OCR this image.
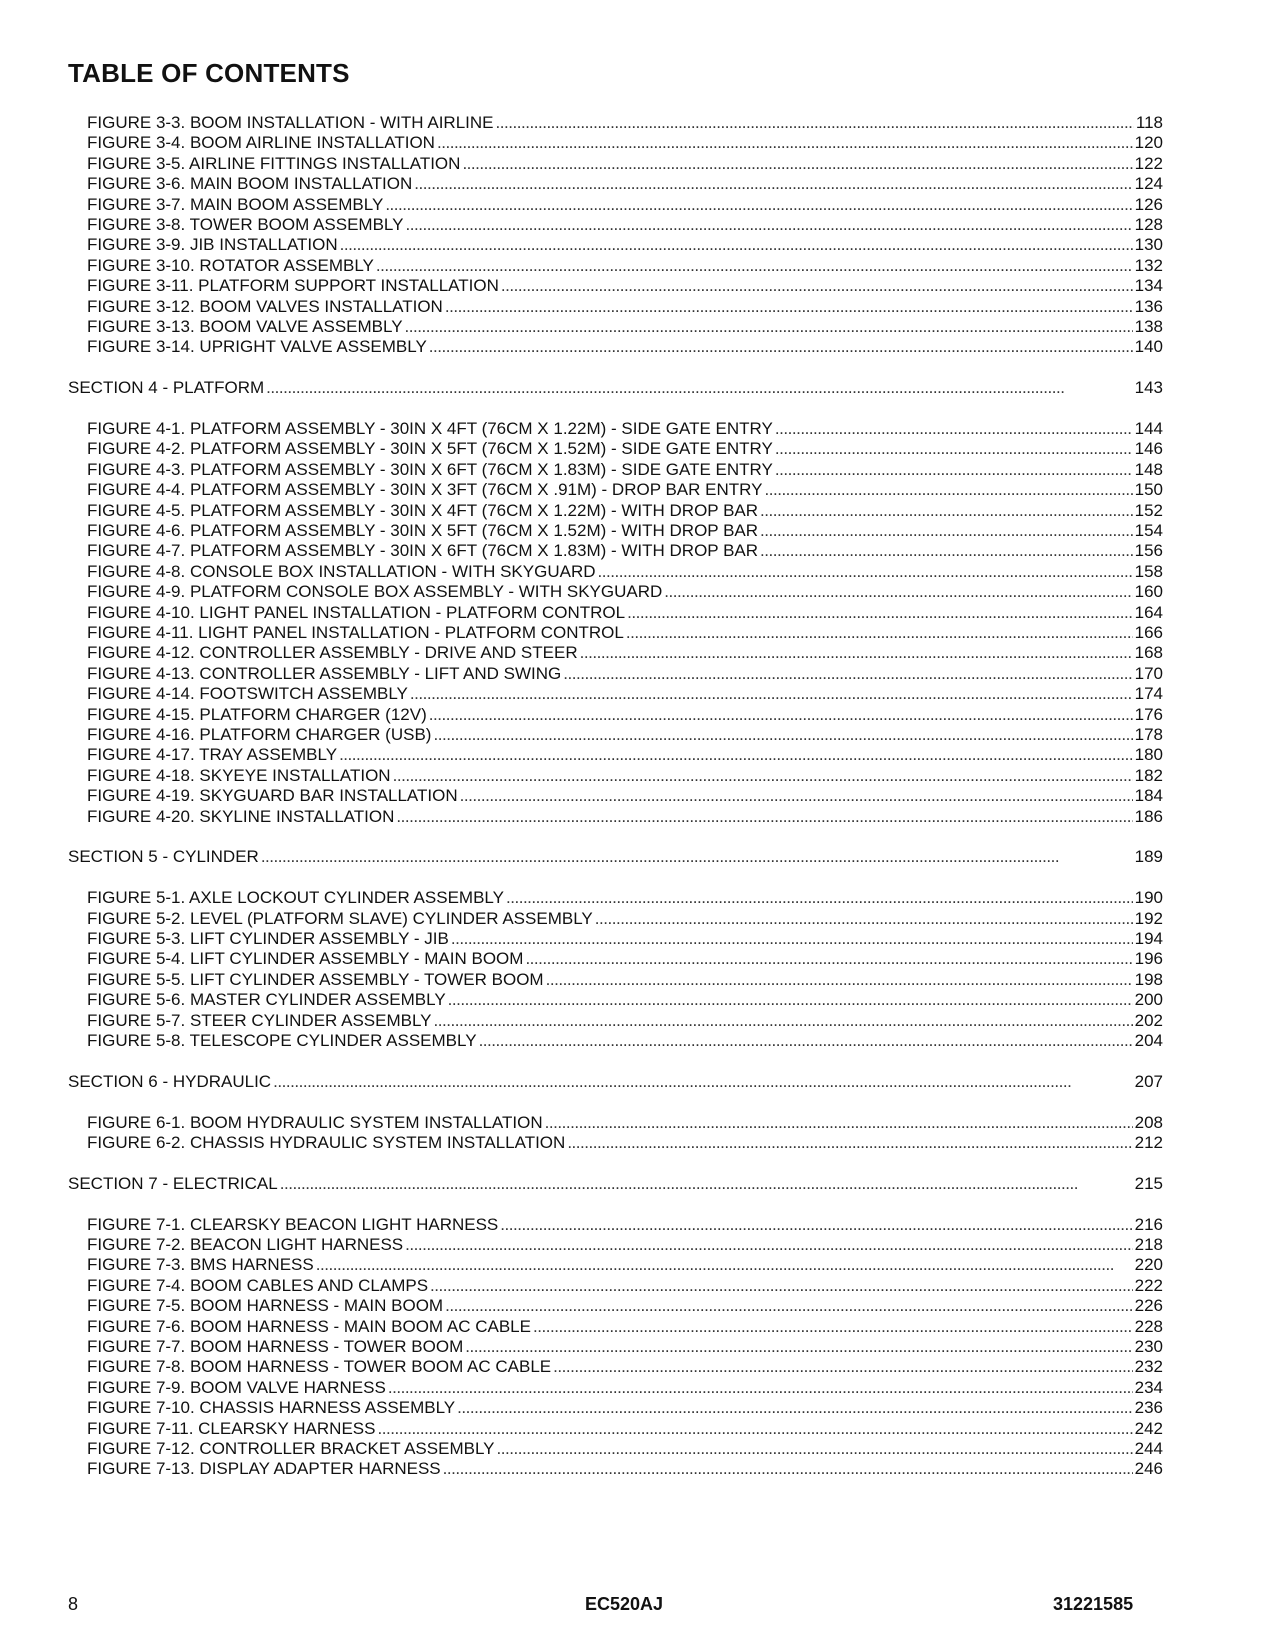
TABLE OF CONTENTS
FIGURE 3-3. BOOM INSTALLATION - WITH AIRLINE . . .	118
FIGURE 3-4. BOOM AIRLINE INSTALLATION . . .	120
FIGURE 3-5. AIRLINE FITTINGS INSTALLATION . . .	122
FIGURE 3-6. MAIN BOOM INSTALLATION . . .	124
FIGURE 3-7. MAIN BOOM ASSEMBLY . . .	126
FIGURE 3-8. TOWER BOOM ASSEMBLY . . .	128
FIGURE 3-9. JIB INSTALLATION . . .	130
FIGURE 3-10. ROTATOR ASSEMBLY . . .	132
FIGURE 3-11. PLATFORM SUPPORT INSTALLATION . . .	134
FIGURE 3-12. BOOM VALVES INSTALLATION . . .	136
FIGURE 3-13. BOOM VALVE ASSEMBLY . . .	138
FIGURE 3-14. UPRIGHT VALVE ASSEMBLY . . .	140
SECTION 4 - PLATFORM . . .	143
FIGURE 4-1. PLATFORM ASSEMBLY - 30IN X 4FT (76CM X 1.22M) - SIDE GATE ENTRY . . .	144
FIGURE 4-2. PLATFORM ASSEMBLY - 30IN X 5FT (76CM X 1.52M) - SIDE GATE ENTRY . . .	146
FIGURE 4-3. PLATFORM ASSEMBLY - 30IN X 6FT (76CM X 1.83M) - SIDE GATE ENTRY . . .	148
FIGURE 4-4. PLATFORM ASSEMBLY - 30IN X 3FT (76CM X .91M) - DROP BAR ENTRY . . .	150
FIGURE 4-5. PLATFORM ASSEMBLY - 30IN X 4FT (76CM X 1.22M) - WITH DROP BAR . . .	152
FIGURE 4-6. PLATFORM ASSEMBLY - 30IN X 5FT (76CM X 1.52M) - WITH DROP BAR . . .	154
FIGURE 4-7. PLATFORM ASSEMBLY - 30IN X 6FT (76CM X 1.83M) - WITH DROP BAR . . .	156
FIGURE 4-8. CONSOLE BOX INSTALLATION - WITH SKYGUARD . . .	158
FIGURE 4-9. PLATFORM CONSOLE BOX ASSEMBLY - WITH SKYGUARD . . .	160
FIGURE 4-10. LIGHT PANEL INSTALLATION - PLATFORM CONTROL . . .	164
FIGURE 4-11. LIGHT PANEL INSTALLATION - PLATFORM CONTROL . . .	166
FIGURE 4-12. CONTROLLER ASSEMBLY - DRIVE AND STEER . . .	168
FIGURE 4-13. CONTROLLER ASSEMBLY - LIFT AND SWING . . .	170
FIGURE 4-14. FOOTSWITCH ASSEMBLY . . .	174
FIGURE 4-15. PLATFORM CHARGER (12V) . . .	176
FIGURE 4-16. PLATFORM CHARGER (USB) . . .	178
FIGURE 4-17. TRAY ASSEMBLY . . .	180
FIGURE 4-18. SKYEYE INSTALLATION . . .	182
FIGURE 4-19. SKYGUARD BAR INSTALLATION . . .	184
FIGURE 4-20. SKYLINE INSTALLATION . . .	186
SECTION 5 - CYLINDER . . .	189
FIGURE 5-1. AXLE LOCKOUT CYLINDER ASSEMBLY . . .	190
FIGURE 5-2. LEVEL (PLATFORM SLAVE) CYLINDER ASSEMBLY . . .	192
FIGURE 5-3. LIFT CYLINDER ASSEMBLY - JIB . . .	194
FIGURE 5-4. LIFT CYLINDER ASSEMBLY - MAIN BOOM . . .	196
FIGURE 5-5. LIFT CYLINDER ASSEMBLY - TOWER BOOM . . .	198
FIGURE 5-6. MASTER CYLINDER ASSEMBLY . . .	200
FIGURE 5-7. STEER CYLINDER ASSEMBLY . . .	202
FIGURE 5-8. TELESCOPE CYLINDER ASSEMBLY . . .	204
SECTION 6 - HYDRAULIC . . .	207
FIGURE 6-1. BOOM HYDRAULIC SYSTEM INSTALLATION . . .	208
FIGURE 6-2. CHASSIS HYDRAULIC SYSTEM INSTALLATION . . .	212
SECTION 7 - ELECTRICAL . . .	215
FIGURE 7-1. CLEARSKY BEACON LIGHT HARNESS . . .	216
FIGURE 7-2. BEACON LIGHT HARNESS . . .	218
FIGURE 7-3. BMS HARNESS . . .	220
FIGURE 7-4. BOOM CABLES AND CLAMPS . . .	222
FIGURE 7-5. BOOM HARNESS - MAIN BOOM . . .	226
FIGURE 7-6. BOOM HARNESS - MAIN BOOM AC CABLE . . .	228
FIGURE 7-7. BOOM HARNESS - TOWER BOOM . . .	230
FIGURE 7-8. BOOM HARNESS - TOWER BOOM AC CABLE . . .	232
FIGURE 7-9. BOOM VALVE HARNESS . . .	234
FIGURE 7-10. CHASSIS HARNESS ASSEMBLY . . .	236
FIGURE 7-11. CLEARSKY HARNESS . . .	242
FIGURE 7-12. CONTROLLER BRACKET ASSEMBLY . . .	244
FIGURE 7-13. DISPLAY ADAPTER HARNESS . . .	246
8	EC520AJ	31221585
